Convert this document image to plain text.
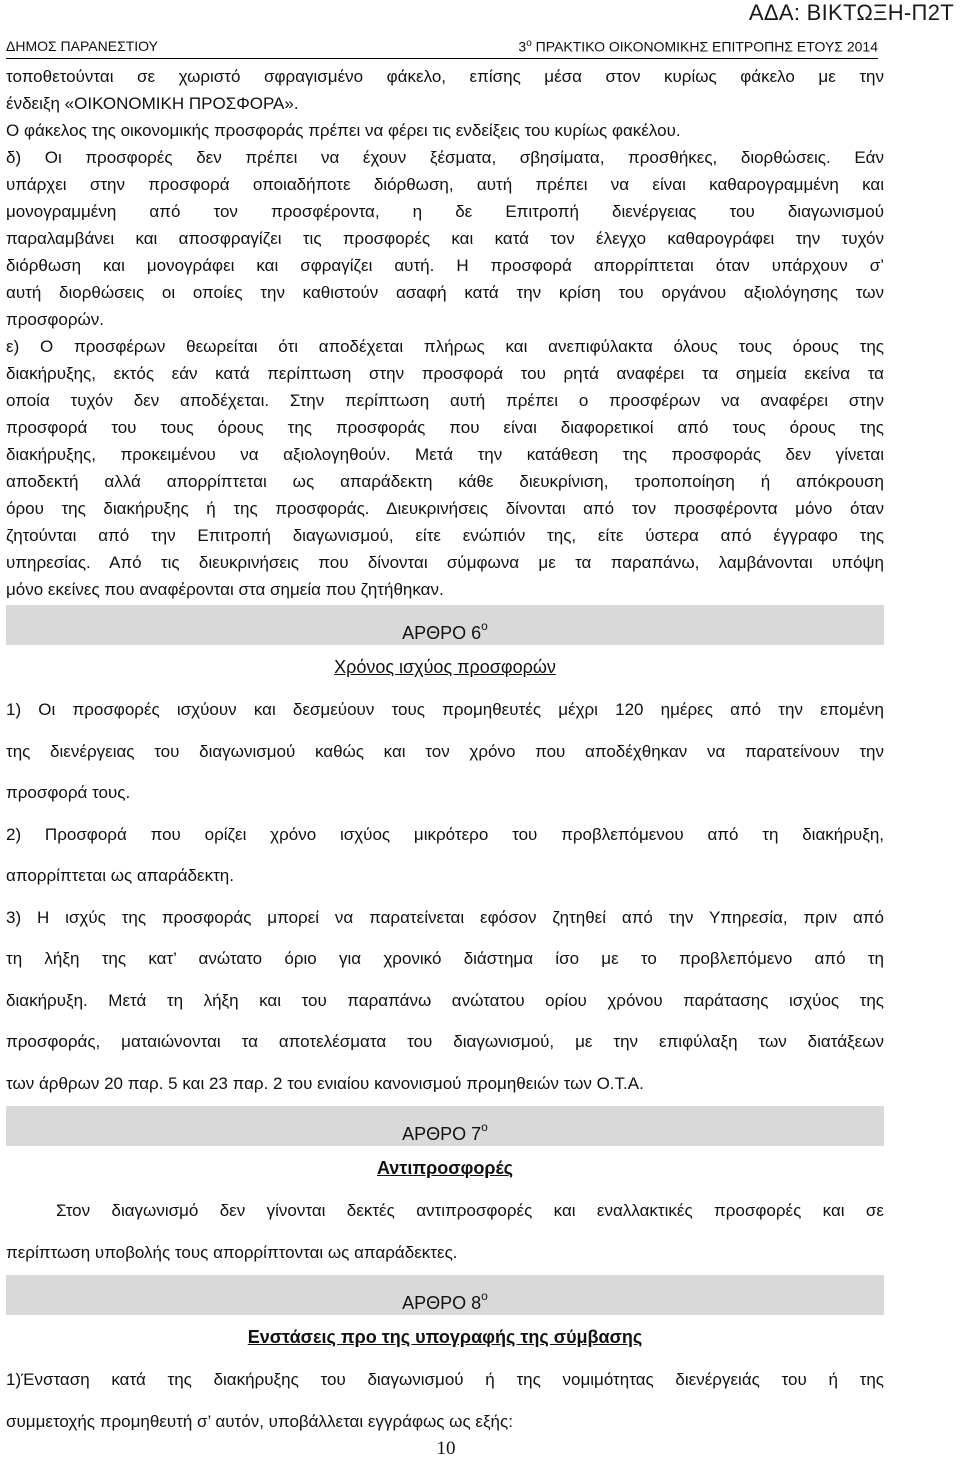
ΑΔΑ: ΒΙΚΤΩΞΗ-Π2Τ
ΔΗΜΟΣ ΠΑΡΑΝΕΣΤΙΟΥ	$3^o$ ΠΡΑΚΤΙΚΟ ΟΙΚΟΝΟΜΙΚΗΣ ΕΠΙΤΡΟΠΗΣ ΕΤΟΥΣ 2014
τοποθετούνται σε χωριστό σφραγισμένο φάκελο, επίσης μέσα στον κυρίως φάκελο με την
ένδειξη «ΟΙΚΟΝΟΜΙΚΗ ΠΡΟΣΦΟΡΑ».
Ο φάκελος της οικονομικής προσφοράς πρέπει να φέρει τις ενδείξεις του κυρίως φακέλου.
δ) Οι προσφορές δεν πρέπει να έχουν ξέσματα, σβησίματα, προσθήκες, διορθώσεις. Εάν
υπάρχει στην προσφορά οποιαδήποτε διόρθωση, αυτή πρέπει να είναι καθαρογραμμένη και
μονογραμμένη από τον προσφέροντα, η δε Επιτροπή διενέργειας του διαγωνισμού
παραλαμβάνει και αποσφραγίζει τις προσφορές και κατά τον έλεγχο καθαρογράφει την τυχόν
διόρθωση και μονογράφει και σφραγίζει αυτή. Η προσφορά απορρίπτεται όταν υπάρχουν σ’
αυτή διορθώσεις οι οποίες την καθιστούν ασαφή κατά την κρίση του οργάνου αξιολόγησης των
προσφορών.
ε) Ο προσφέρων θεωρείται ότι αποδέχεται πλήρως και ανεπιφύλακτα όλους τους όρους της
διακήρυξης, εκτός εάν κατά περίπτωση στην προσφορά του ρητά αναφέρει τα σημεία εκείνα τα
οποία τυχόν δεν αποδέχεται. Στην περίπτωση αυτή πρέπει ο προσφέρων να αναφέρει στην
προσφορά του τους όρους της προσφοράς που είναι διαφορετικοί από τους όρους της
διακήρυξης, προκειμένου να αξιολογηθούν. Μετά την κατάθεση της προσφοράς δεν γίνεται
αποδεκτή αλλά απορρίπτεται ως απαράδεκτη κάθε διευκρίνιση, τροποποίηση ή απόκρουση
όρου της διακήρυξης ή της προσφοράς. Διευκρινήσεις δίνονται από τον προσφέροντα μόνο όταν
ζητούνται από την Επιτροπή διαγωνισμού, είτε ενώπιόν της, είτε ύστερα από έγγραφο της
υπηρεσίας. Από τις διευκρινήσεις που δίνονται σύμφωνα με τα παραπάνω, λαμβάνονται υπόψη
μόνο εκείνες που αναφέρονται στα σημεία που ζητήθηκαν.
ΑΡΘΡΟ $6^o$
Χρόνος ισχύος προσφορών
1) Οι προσφορές ισχύουν και δεσμεύουν τους προμηθευτές μέχρι 120 ημέρες από την επομένη
της διενέργειας του διαγωνισμού καθώς και τον χρόνο που αποδέχθηκαν να παρατείνουν την
προσφορά τους.
2) Προσφορά που ορίζει χρόνο ισχύος μικρότερο του προβλεπόμενου από τη διακήρυξη,
απορρίπτεται ως απαράδεκτη.
3) Η ισχύς της προσφοράς μπορεί να παρατείνεται εφόσον ζητηθεί από την Υπηρεσία, πριν από
τη λήξη της κατ’ ανώτατο όριο για χρονικό διάστημα ίσο με το προβλεπόμενο από τη
διακήρυξη. Μετά τη λήξη και του παραπάνω ανώτατου ορίου χρόνου παράτασης ισχύος της
προσφοράς, ματαιώνονται τα αποτελέσματα του διαγωνισμού, με την επιφύλαξη των διατάξεων
των άρθρων 20 παρ. 5 και 23 παρ. 2 του ενιαίου κανονισμού προμηθειών των Ο.Τ.Α.
ΑΡΘΡΟ $7^o$
Αντιπροσφορές
Στον διαγωνισμό δεν γίνονται δεκτές αντιπροσφορές και εναλλακτικές προσφορές και σε
περίπτωση υποβολής τους απορρίπτονται ως απαράδεκτες.
ΑΡΘΡΟ $8^o$
Ενστάσεις προ της υπογραφής της σύμβασης
1)Ένσταση κατά της διακήρυξης του διαγωνισμού ή της νομιμότητας διενέργειάς του ή της
συμμετοχής προμηθευτή σ’ αυτόν, υποβάλλεται εγγράφως ως εξής:
10
